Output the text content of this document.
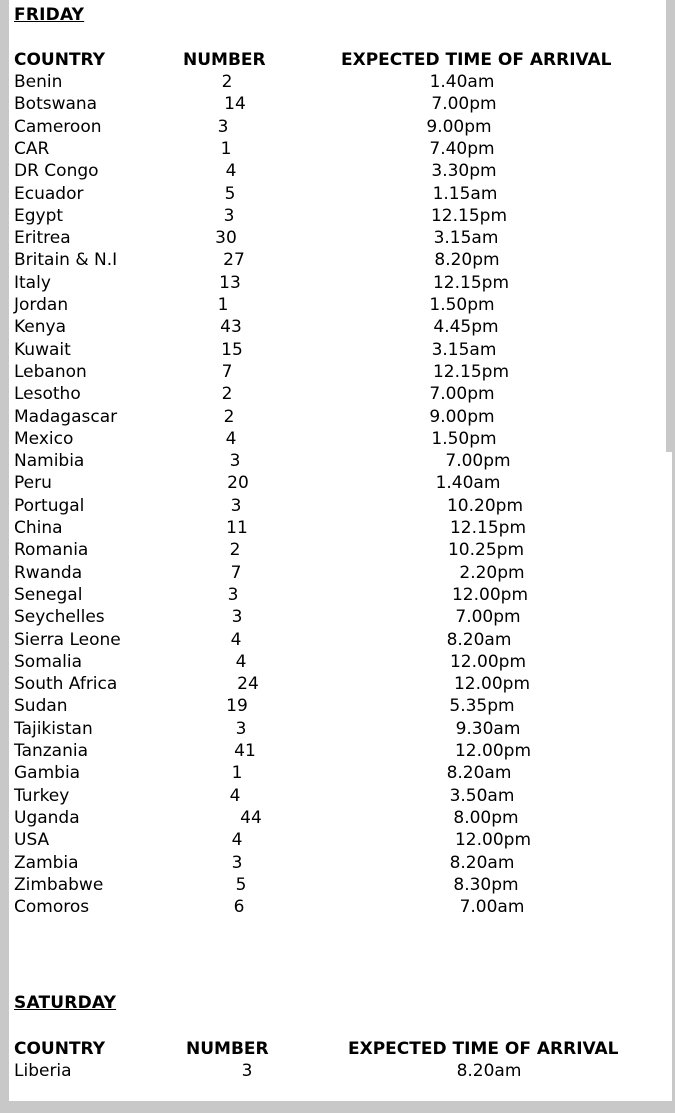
FRIDAY
COUNTRY	NUMBER	EXPECTED TIME OF ARRIVAL
Benin	2	1.40am
Botswana	14	7.00pm
Cameroon	3	9.00pm
CAR	1	7.40pm
DR Congo	4	3.30pm
Ecuador	5	1.15am
Egypt	3	12.15pm
Eritrea	30	3.15am
Britain & N.I	27	8.20pm
Italy	13	12.15pm
Jordan	1	1.50pm
Kenya	43	4.45pm
Kuwait	15	3.15am
Lebanon	7	12.15pm
Lesotho	2	7.00pm
Madagascar	2	9.00pm
Mexico	4	1.50pm
Namibia	3	7.00pm
Peru	20	1.40am
Portugal	3	10.20pm
China	11	12.15pm
Romania	2	10.25pm
Rwanda	7	2.20pm
Senegal	3	12.00pm
Seychelles	3	7.00pm
Sierra Leone	4	8.20am
Somalia	4	12.00pm
South Africa	24	12.00pm
Sudan	19	5.35pm
Tajikistan	3	9.30am
Tanzania	41	12.00pm
Gambia	1	8.20am
Turkey	4	3.50am
Uganda	44	8.00pm
USA	4	12.00pm
Zambia	3	8.20am
Zimbabwe	5	8.30pm
Comoros	6	7.00am
SATURDAY
COUNTRY	NUMBER	EXPECTED TIME OF ARRIVAL
Liberia	3	8.20am
